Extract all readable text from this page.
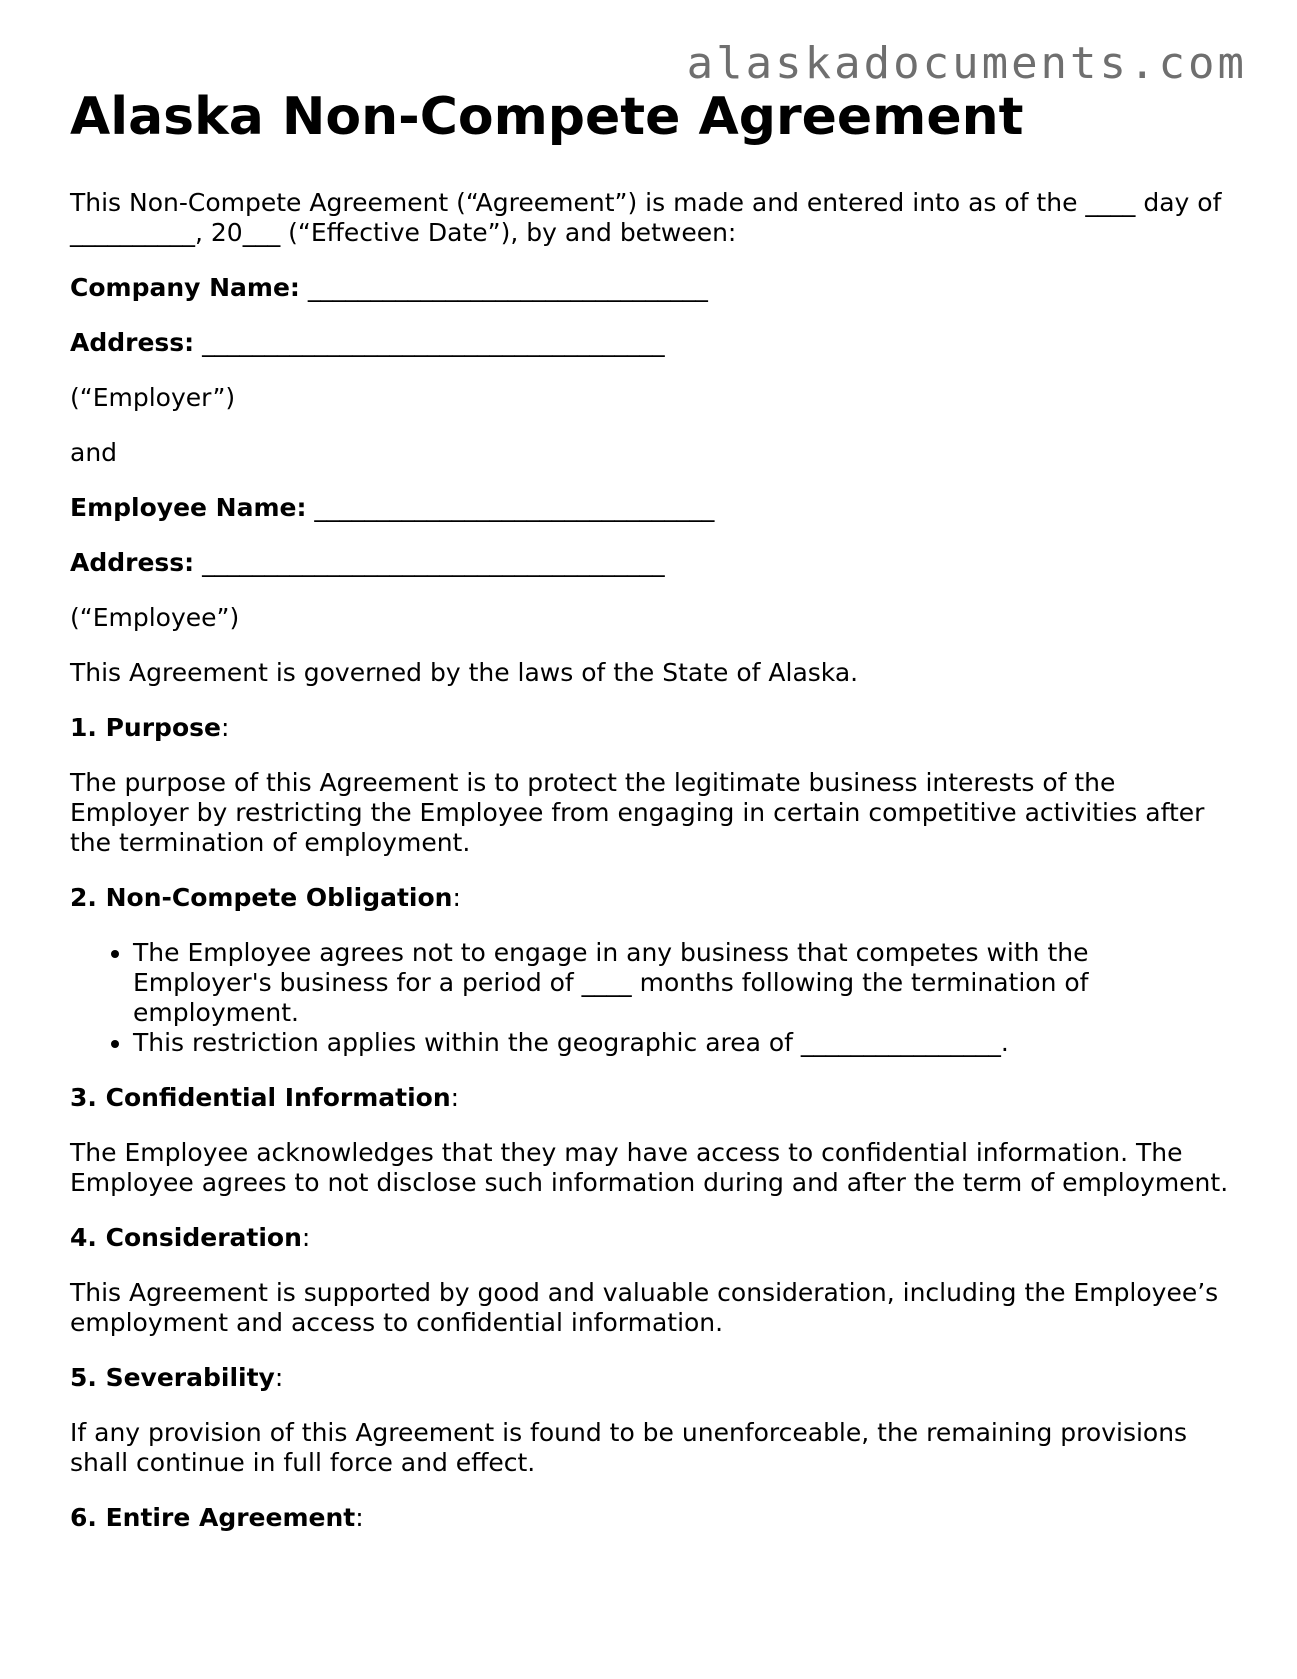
alaskadocuments.com
Alaska Non-Compete Agreement

This Non-Compete Agreement (“Agreement”) is made and entered into as of the ____ day of __________, 20___ (“Effective Date”), by and between:

Company Name: ________________________________

Address: _____________________________________

(“Employer”)

and

Employee Name: ________________________________

Address: _____________________________________

(“Employee”)

This Agreement is governed by the laws of the State of Alaska.

1. Purpose:

The purpose of this Agreement is to protect the legitimate business interests of the Employer by restricting the Employee from engaging in certain competitive activities after the termination of employment.

2. Non-Compete Obligation:

• The Employee agrees not to engage in any business that competes with the Employer's business for a period of ____ months following the termination of employment.
• This restriction applies within the geographic area of ________________.

3. Confidential Information:

The Employee acknowledges that they may have access to confidential information. The Employee agrees to not disclose such information during and after the term of employment.

4. Consideration:

This Agreement is supported by good and valuable consideration, including the Employee’s employment and access to confidential information.

5. Severability:

If any provision of this Agreement is found to be unenforceable, the remaining provisions shall continue in full force and effect.

6. Entire Agreement:
